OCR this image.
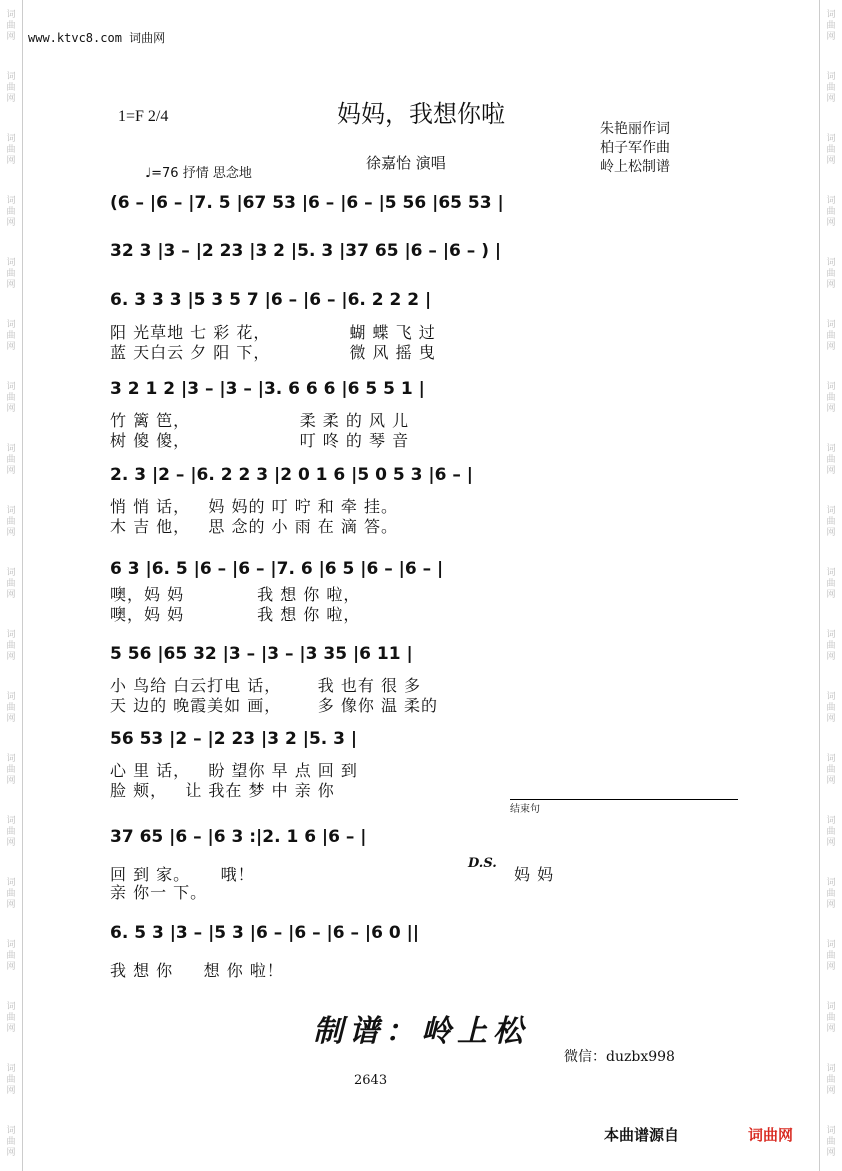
词
曲
网
词
曲
网
词
曲
网
词
曲
网
词
曲
网
词
曲
网
词
曲
网
词
曲
网
词
曲
网
词
曲
网
词
曲
网
词
曲
网
词
曲
网
词
曲
网
词
曲
网
词
曲
网
词
曲
网
词
曲
网
词
曲
网
词
曲
网
词
曲
网
词
曲
网
词
曲
网
词
曲
网
词
曲
网
词
曲
网
词
曲
网
词
曲
网
词
曲
网
词
曲
网
词
曲
网
词
曲
网
词
曲
网
词
曲
网
词
曲
网
词
曲
网
词
曲
网
词
曲
网
www.ktvc8.com 词曲网
1=F 2/4	妈妈，我想你啦
朱艳丽作词
柏子军作曲
岭上松制谱
徐嘉怡 演唱
♩=76 抒情 思念地
(6 – |6 – |7. 5 |67 53 |6 – |6 – |5 56 |65 53 |
32 3 |3 – |2 23 |3 2 |5. 3 |37 65 |6 – |6 – ) |
6. 3 3 3 |5 3 5 7 |6 – |6 – |6. 2 2 2 |
阳 光草地 七 彩 花，             蝴 蝶 飞 过
蓝 天白云 夕 阳 下，             微 风 摇 曳
3 2 1 2 |3 – |3 – |3. 6 6 6 |6 5 5 1 |
竹 篱 笆，                  柔 柔 的 风 儿
树 傻 傻，                  叮 咚 的 琴 音
2. 3 |2 – |6. 2 2 3 |2 0 1 6 |5 0 5 3 |6 – |
悄 悄 话，   妈 妈的 叮 咛 和 牵 挂。
木 吉 他，   思 念的 小 雨 在 滴 答。
6 3 |6. 5 |6 – |6 – |7. 6 |6 5 |6 – |6 – |
噢，妈 妈            我 想 你 啦，
噢，妈 妈            我 想 你 啦，
5 56 |65 32 |3 – |3 – |3 35 |6 11 |
小 鸟给 白云打电 话，      我 也有 很 多
天 边的 晚霞美如 画，      多 像你 温 柔的
56 53 |2 – |2 23 |3 2 |5. 3 |
心 里 话，   盼 望你 早 点 回 到
脸 颊，   让 我在 梦 中 亲 你
结束句
37 65 |6 – |6 3 :|2. 1 6 |6 – |
回 到 家。     哦！
亲 你一 下。
D.S.
妈 妈
6. 5 3 |3 – |5 3 |6 – |6 – |6 – |6 0 ||
我 想 你     想 你 啦！
制谱：岭上松
微信：duzbx998
2643
本曲谱源自	词曲网
